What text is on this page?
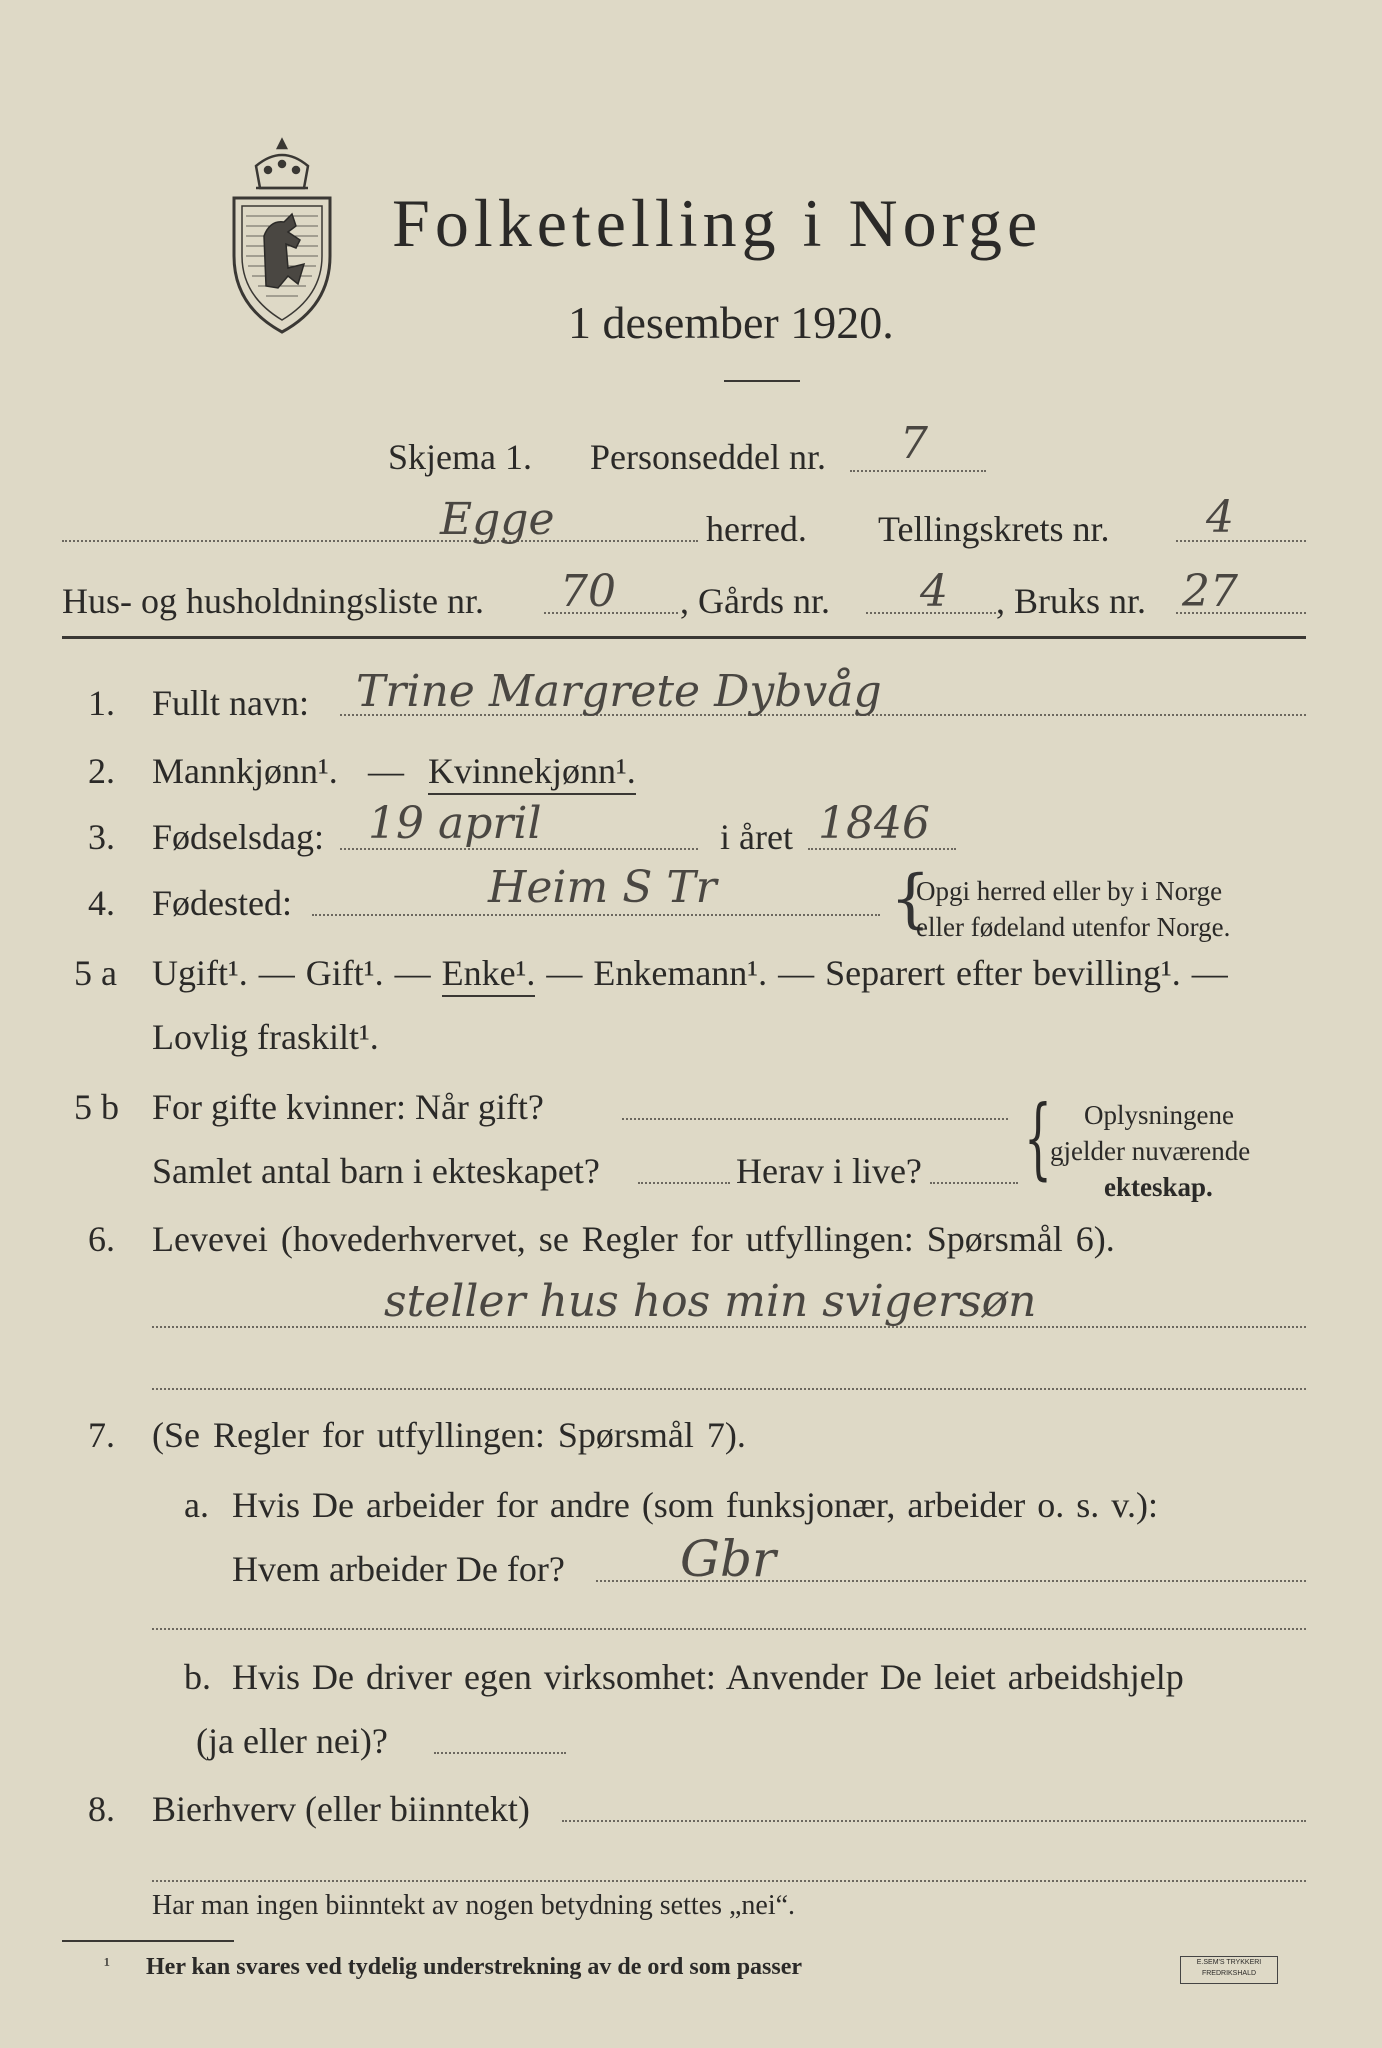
Folketelling i Norge
1 desember 1920.
Skjema 1. Personseddel nr. 7
Egge	herred. Tellingskrets nr. 4
Hus- og husholdningsliste nr. 70 , Gårds nr. 4 , Bruks nr. 27
1. Fullt navn: Trine Margrete Dybvåg
2. Mannkjønn¹. — Kvinnekjønn¹.
3. Fødselsdag: 19 april	i året 1846
4. Fødested:	Heim S Tr	{
Opgi herred eller by i Norge
eller fødeland utenfor Norge.
5 a Ugift¹. — Gift¹. — Enke¹. — Enkemann¹. — Separert efter bevilling¹. —
Lovlig fraskilt¹.
5 b For gifte kvinner: Når gift?
Samlet antal barn i ekteskapet?	Herav i live? { Oplysningene
gjelder nuværende
ekteskap.
6. Levevei (hovederhvervet, se Regler for utfyllingen: Spørsmål 6).
steller hus hos min svigersøn
7. (Se Regler for utfyllingen: Spørsmål 7).
a. Hvis De arbeider for andre (som funksjonær, arbeider o. s. v.):
Hvem arbeider De for? Gbr
b. Hvis De driver egen virksomhet: Anvender De leiet arbeidshjelp
(ja eller nei)?
8. Bierhverv (eller biinntekt)
Har man ingen biinntekt av nogen betydning settes „nei“.
¹ Her kan svares ved tydelig understrekning av de ord som passer	E.SEM'S TRYKKERI
FREDRIKSHALD
